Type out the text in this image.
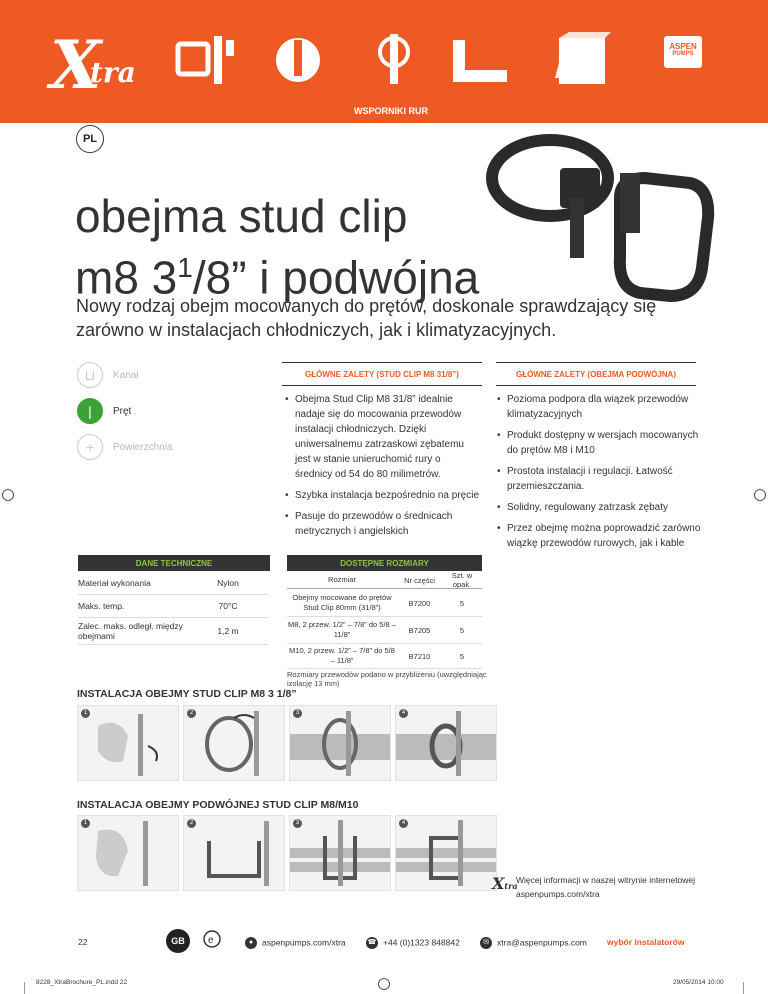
X
tra
ASPEN
PUMPS
WSPORNIKI RUR
PL
obejma stud clip
m8 $3^1/8$” i podwójna
Nowy rodzaj obejm mocowanych do prętów, doskonale sprawdzający się zarówno w instalacjach chłodniczych, jak i klimatyzacyjnych.
⊔	Kanał
|	Pręt
+	Powierzchnia
GŁÓWNE ZALETY (STUD CLIP M8 31/8”)	GŁÓWNE ZALETY (OBEJMA PODWÓJNA)
• Obejma Stud Clip M8 31/8” idealnie nadaje się do mocowania przewodów instalacji chłodniczych. Dzięki uniwersalnemu zatrzaskowi zębatemu jest w stanie unieruchomić rury o średnicy od 54 do 80 milimetrów.
• Szybka instalacja bezpośrednio na pręcie
• Pasuje do przewodów o średnicach metrycznych i angielskich
• Pozioma podpora dla wiązek przewodów klimatyzacyjnych
• Produkt dostępny w wersjach mocowanych do prętów M8 i M10
• Prostota instalacji i regulacji. Łatwość przemieszczania.
• Solidny, regulowany zatrzask zębaty
• Przez obejmę można poprowadzić zarówno wiązkę przewodów rurowych, jak i kable
DANE TECHNICZNE
Materiał wykonania	Nylon
Maks. temp.	70°C
Zalec. maks. odległ. między obejmami	1,2 m
DOSTĘPNE ROZMIARY
Rozmiar	Nr części	Szt. w opak.
Obejmy mocowane do prętów Stud Clip 80mm (31/8”)	B7200	5
M8, 2 przew. 1/2” – 7/8” do 5/8 – 11/8”	B7205	5
M10, 2 przew. 1/2” – 7/8” do 5/8 – 11/8”	B7210	5
Rozmiary przewodów podano w przybliżeniu (uwzględniając izolację 13 mm)
INSTALACJA OBEJMY STUD CLIP M8 3 1/8”
1	2	3	4
INSTALACJA OBEJMY PODWÓJNEJ STUD CLIP M8/M10
1	2	3	4
Xtra
Więcej informacji w naszej witrynie internetowej aspenpumps.com/xtra
22	GB	e	● aspenpumps.com/xtra	☎ +44 (0)1323 848842	✉ xtra@aspenpumps.com wybór instalatorów
8228_XtraBrochure_PL.indd 22	29/05/2014 10:00
